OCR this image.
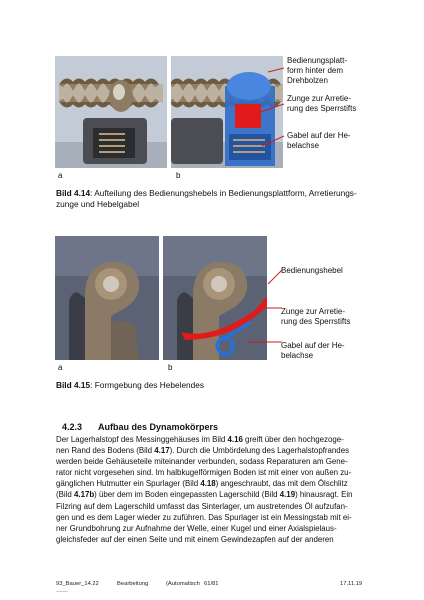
a	b
Bedienungsplatt-
form hinter dem
Drehbolzen
Zunge zur Arretie-
rung des Sperrstifts
Gabel auf der He-
belachse
Bild 4.14: Aufteilung des Bedienungshebels in Bedienungsplattform, Arretierungs-
zunge und Hebelgabel
a	b
Bedienungshebel
Zunge zur Arretie-
rung des Sperrstifts
Gabel auf der He-
belachse
Bild 4.15: Formgebung des Hebelendes
4.2.3 Aufbau des Dynamokörpers
Der Lagerhalstopf des Messinggehäuses im Bild 4.16 greift über den hochgezoge-
nen Rand des Bodens (Bild 4.17). Durch die Umbördelung des Lagerhalstopfrandes
werden beide Gehäuseteile miteinander verbunden, sodass Reparaturen am Gene-
rator nicht vorgesehen sind. Im halbkugelförmigen Boden ist mit einer von außen zu-
gänglichen Hutmutter ein Spurlager (Bild 4.18) angeschraubt, das mit dem Ölschlitz
(Bild 4.17b) über dem im Boden eingepassten Lagerschild (Bild 4.19) hinausragt. Ein
Filzring auf dem Lagerschild umfasst das Sinterlager, um austretendes Öl aufzufan-
gen und es dem Lager wieder zu zuführen. Das Spurlager ist ein Messingstab mit ei-
ner Grundbohrung zur Aufnahme der Welle, einer Kugel und einer Axialspielaus-
gleichsfeder auf der einen Seite und mit einem Gewindezapfen auf der anderen
93_Bauer_14.22
...................
Bearbeitung	(Automatisch 61/81	17.11.19
